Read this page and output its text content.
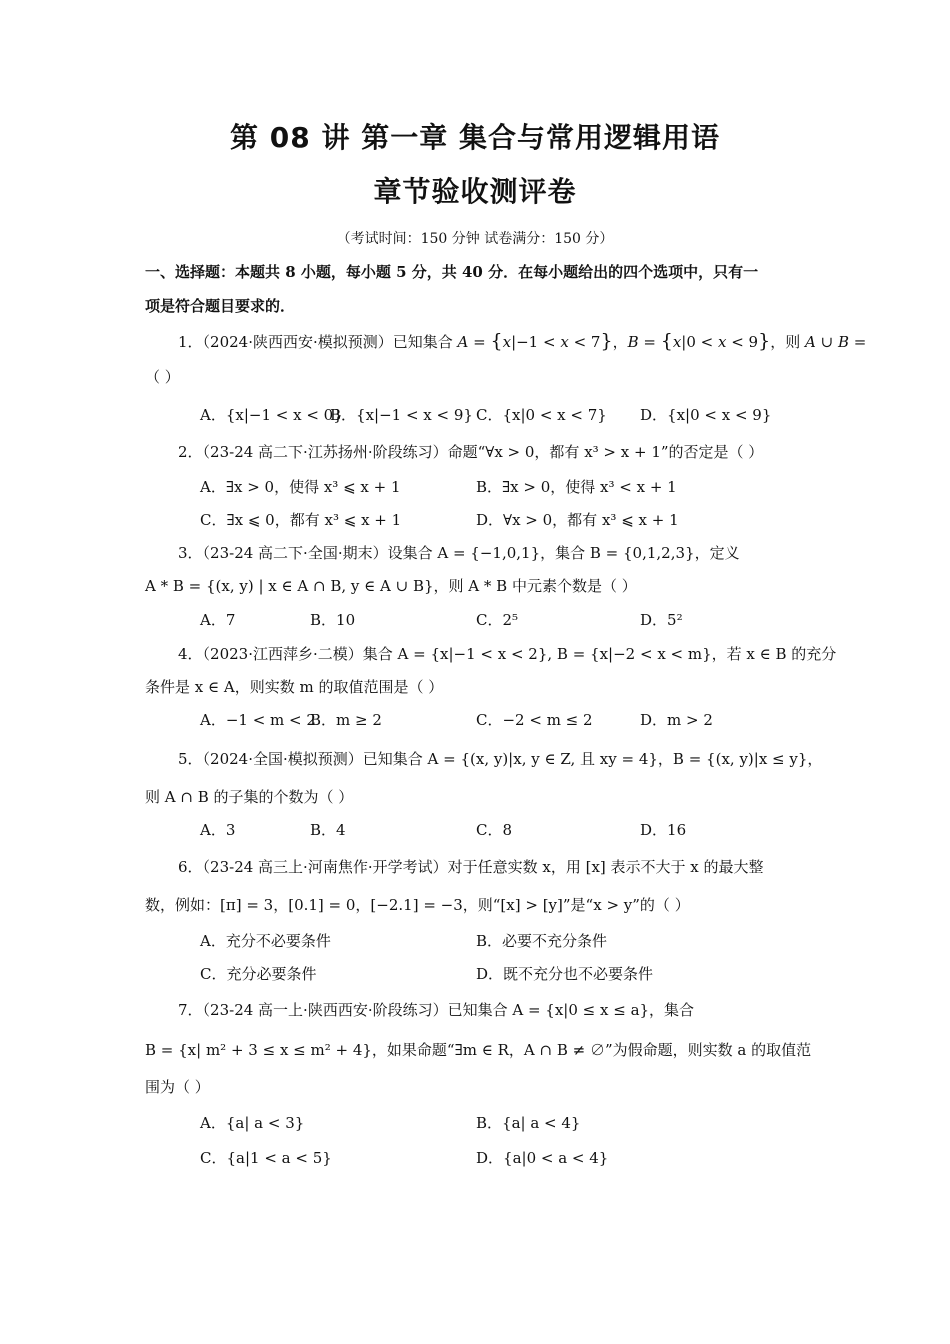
第 08 讲 第一章 集合与常用逻辑用语
章节验收测评卷
（考试时间：150 分钟 试卷满分：150 分）
一、选择题：本题共 8 小题，每小题 5 分，共 40 分．在每小题给出的四个选项中，只有一
项是符合题目要求的．
1．（2024·陕西西安·模拟预测）已知集合 A = {x|−1 < x < 7}，B = {x|0 < x < 9}，则 A ∪ B =
（ ）
A．{x|−1 < x < 0}
B．{x|−1 < x < 9} C．{x|0 < x < 7} D．{x|0 < x < 9}
2．（23-24 高二下·江苏扬州·阶段练习）命题“∀x > 0，都有 x³ > x + 1”的否定是（ ）
A．∃x > 0，使得 x³ ⩽ x + 1	B．∃x > 0，使得 x³ < x + 1
C．∃x ⩽ 0，都有 x³ ⩽ x + 1	D．∀x > 0，都有 x³ ⩽ x + 1
3．（23-24 高二下·全国·期末）设集合 A = {−1,0,1}，集合 B = {0,1,2,3}，定义
A * B = {(x, y) | x ∈ A ∩ B, y ∈ A ∪ B}，则 A * B 中元素个数是（ ）
A．7	B．10	C．2⁵	D．5²
4．（2023·江西萍乡·二模）集合 A = {x|−1 < x < 2}, B = {x|−2 < x < m}，若 x ∈ B 的充分
条件是 x ∈ A，则实数 m 的取值范围是（ ）
A．−1 < m < 2
B．m ≥ 2	C．−2 < m ≤ 2	D．m > 2
5．（2024·全国·模拟预测）已知集合 A = {(x, y)|x, y ∈ Z, 且 xy = 4}，B = {(x, y)|x ≤ y}，
则 A ∩ B 的子集的个数为（ ）
A．3	B．4	C．8	D．16
6．（23-24 高三上·河南焦作·开学考试）对于任意实数 x，用 [x] 表示不大于 x 的最大整
数，例如：[π] = 3，[0.1] = 0，[−2.1] = −3，则“[x] > [y]”是“x > y”的（ ）
A．充分不必要条件	B．必要不充分条件
C．充分必要条件	D．既不充分也不必要条件
7．（23-24 高一上·陕西西安·阶段练习）已知集合 A = {x|0 ≤ x ≤ a}，集合
B = {x| m² + 3 ≤ x ≤ m² + 4}，如果命题“∃m ∈ R，A ∩ B ≠ ∅”为假命题，则实数 a 的取值范
围为（ ）
A．{a| a < 3}	B．{a| a < 4}
C．{a|1 < a < 5}	D．{a|0 < a < 4}
